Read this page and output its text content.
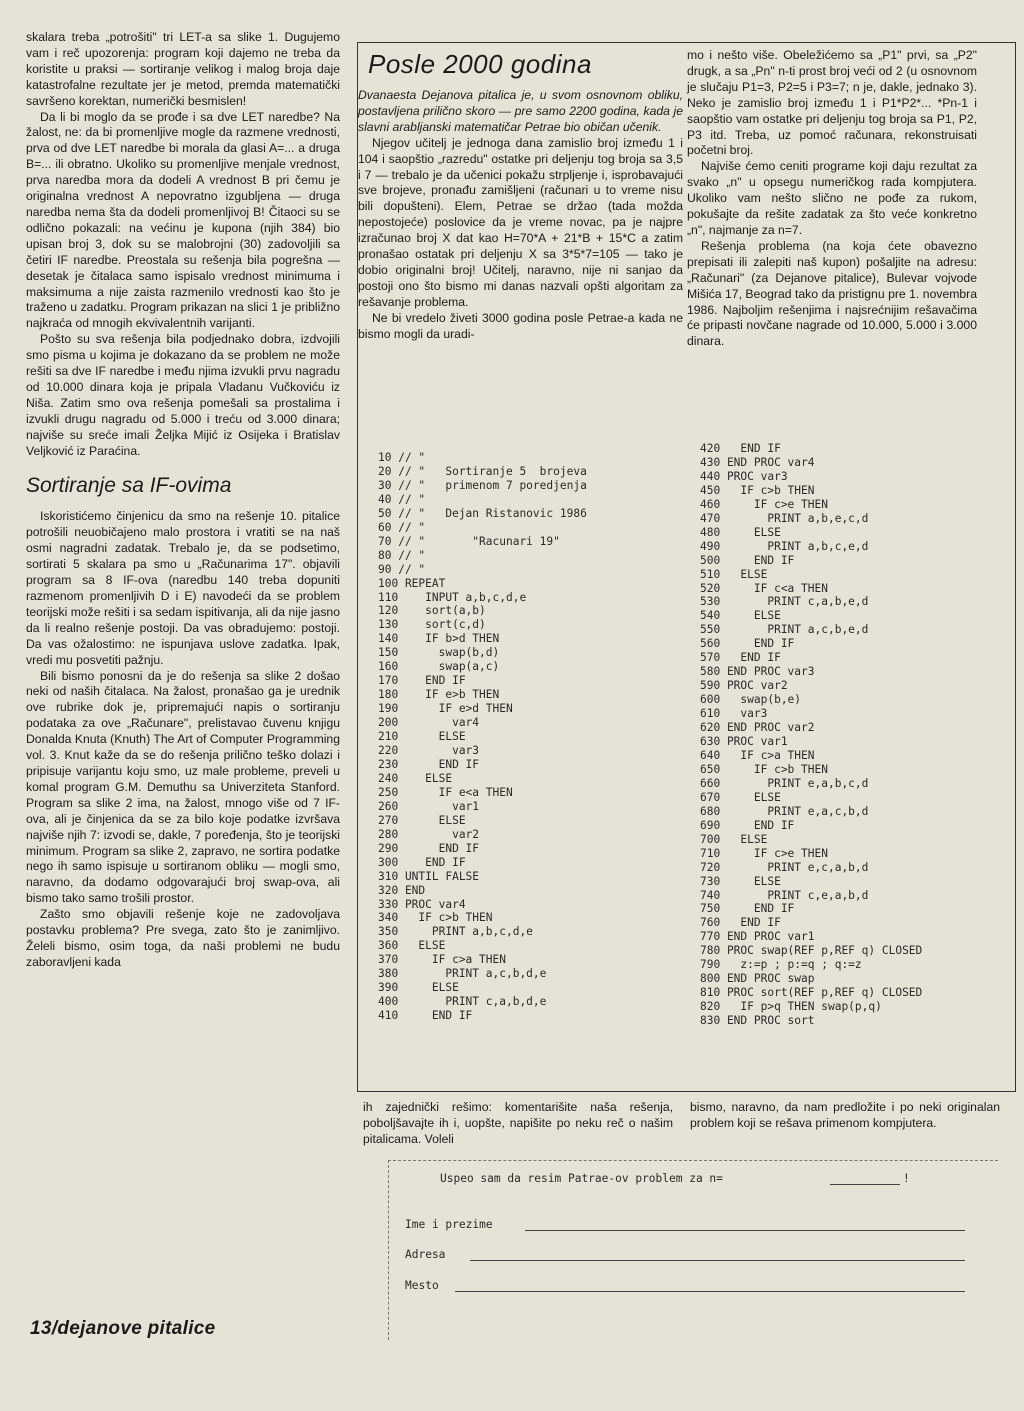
skalara treba „potrošiti" tri LET-a sa slike 1. Dugujemo vam i reč upozorenja: program koji dajemo ne treba da koristite u praksi — sortiranje velikog i malog broja daje katastrofalne rezultate jer je metod, premda matematički savršeno korektan, numerički besmislen!

Da li bi moglo da se prođe i sa dve LET naredbe? Na žalost, ne: da bi promenljive mogle da razmene vrednosti, prva od dve LET naredbe bi morala da glasi A=... a druga B=... ili obratno. Ukoliko su promenljive menjale vrednost, prva naredba mora da dodeli A vrednost B pri čemu je originalna vrednost A nepovratno izgubljena — druga naredba nema šta da dodeli promenljivoj B! Čitaoci su se odlično pokazali: na većinu je kupona (njih 384) bio upisan broj 3, dok su se malobrojni (30) zadovoljili sa četiri IF naredbe. Preostala su rešenja bila pogrešna — desetak je čitalaca samo ispisalo vrednost minimuma i maksimuma a nije zaista razmenilo vrednosti kao što je traženo u zadatku. Program prikazan na slici 1 je približno najkraća od mnogih ekvivalentnih varijanti.

Pošto su sva rešenja bila podjednako dobra, izdvojili smo pisma u kojima je dokazano da se problem ne može rešiti sa dve IF naredbe i među njima izvukli prvu nagradu od 10.000 dinara koja je pripala Vladanu Vučkoviću iz Niša. Zatim smo ova rešenja pomešali sa prostalima i izvukli drugu nagradu od 5.000 i treću od 3.000 dinara; najviše su sreće imali Željka Mijić iz Osijeka i Bratislav Veljković iz Paraćina.

Sortiranje sa IF-ovima

Iskoristićemo činjenicu da smo na rešenje 10. pitalice potrošili neuobičajeno malo prostora i vratiti se na naš osmi nagradni zadatak. Trebalo je, da se podsetimo, sortirati 5 skalara pa smo u „Računarima 17". objavili program sa 8 IF-ova (naredbu 140 treba dopuniti razmenom promenljivih D i E) navodeći da se problem teorijski može rešiti i sa sedam ispitivanja, ali da nije jasno da li realno rešenje postoji. Da vas obradujemo: postoji. Da vas ožalostimo: ne ispunjava uslove zadatka. Ipak, vredi mu posvetiti pažnju.

Bili bismo ponosni da je do rešenja sa slike 2 došao neki od naših čitalaca. Na žalost, pronašao ga je urednik ove rubrike dok je, pripremajući napis o sortiranju podataka za ove „Računare", prelistavao čuvenu knjigu Donalda Knuta (Knuth) The Art of Computer Programming vol. 3. Knut kaže da se do rešenja prilično teško dolazi i pripisuje varijantu koju smo, uz male probleme, preveli u komal program G.M. Demuthu sa Univerziteta Stanford. Program sa slike 2 ima, na žalost, mnogo više od 7 IF-ova, ali je činjenica da se za bilo koje podatke izvršava najviše njih 7: izvodi se, dakle, 7 poređenja, što je teorijski minimum. Program sa slike 2, zapravo, ne sortira podatke nego ih samo ispisuje u sortiranom obliku — mogli smo, naravno, da dodamo odgovarajući broj swap-ova, ali bismo tako samo trošili prostor.

Zašto smo objavili rešenje koje ne zadovoljava postavku problema? Pre svega, zato što je zanimljivo. Želeli bismo, osim toga, da naši problemi ne budu zaboravljeni kada

Posle 2000 godina

Dvanaesta Dejanova pitalica je, u svom osnovnom obliku, postavljena prilično skoro — pre samo 2200 godina, kada je slavni arabljanski matematičar Petrae bio običan učenik.

Njegov učitelj je jednoga dana zamislio broj između 1 i 104 i saopštio „razredu" ostatke pri deljenju tog broja sa 3,5 i 7 — trebalo je da učenici pokažu strpljenje i, isprobavajući sve brojeve, pronađu zamišljeni (računari u to vreme nisu bili dopušteni). Elem, Petrae se držao (tada možda nepostojeće) poslovice da je vreme novac, pa je najpre izračunao broj X dat kao H=70*A + 21*B + 15*C a zatim pronašao ostatak pri deljenju X sa 3*5*7=105 — tako je dobio originalni broj! Učitelj, naravno, nije ni sanjao da postoji ono što bismo mi danas nazvali opšti algoritam za rešavanje problema.

Ne bi vredelo živeti 3000 godina posle Petrae-a kada ne bismo mogli da uradi-

mo i nešto više. Obeležićemo sa „P1" prvi, sa „P2" drugk, a sa „Pn" n-ti prost broj veći od 2 (u osnovnom je slučaju P1=3, P2=5 i P3=7; n je, dakle, jednako 3). Neko je zamislio broj između 1 i P1*P2*... *Pn-1 i saopštio vam ostatke pri deljenju tog broja sa P1, P2, P3 itd. Treba, uz pomoć računara, rekonstruisati početni broj.

Najviše ćemo ceniti programe koji daju rezultat za svako „n" u opsegu numeričkog rada kompjutera. Ukoliko vam nešto slično ne pođe za rukom, pokušajte da rešite zadatak za što veće konkretno „n", najmanje za n=7.

Rešenja problema (na koja ćete obavezno prepisati ili zalepiti naš kupon) pošaljite na adresu: „Računari" (za Dejanove pitalice), Bulevar vojvode Mišića 17, Beograd tako da pristignu pre 1. novembra 1986. Najboljim rešenjima i najsrećnijim rešavačima će pripasti novčane nagrade od 10.000, 5.000 i 3.000 dinara.

10 // "
20 // "   Sortiranje 5  brojeva
30 // "   primenom 7 poredjenja
40 // "
50 // "   Dejan Ristanovic 1986
60 // "
70 // "       "Racunari 19"
80 // "
90 // "
100 REPEAT
110    INPUT a,b,c,d,e
120    sort(a,b)
130    sort(c,d)
140    IF b>d THEN
150      swap(b,d)
160      swap(a,c)
170    END IF
180    IF e>b THEN
190      IF e>d THEN
200        var4
210      ELSE
220        var3
230      END IF
240    ELSE
250      IF e<a THEN
260        var1
270      ELSE
280        var2
290      END IF
300    END IF
310 UNTIL FALSE
320 END
330 PROC var4
340   IF c>b THEN
350     PRINT a,b,c,d,e
360   ELSE
370     IF c>a THEN
380       PRINT a,c,b,d,e
390     ELSE
400       PRINT c,a,b,d,e
410     END IF
420   END IF
430 END PROC var4
440 PROC var3
450   IF c>b THEN
460     IF c>e THEN
470       PRINT a,b,e,c,d
480     ELSE
490       PRINT a,b,c,e,d
500     END IF
510   ELSE
520     IF c<a THEN
530       PRINT c,a,b,e,d
540     ELSE
550       PRINT a,c,b,e,d
560     END IF
570   END IF
580 END PROC var3
590 PROC var2
600   swap(b,e)
610   var3
620 END PROC var2
630 PROC var1
640   IF c>a THEN
650     IF c>b THEN
660       PRINT e,a,b,c,d
670     ELSE
680       PRINT e,a,c,b,d
690     END IF
700   ELSE
710     IF c>e THEN
720       PRINT e,c,a,b,d
730     ELSE
740       PRINT c,e,a,b,d
750     END IF
760   END IF
770 END PROC var1
780 PROC swap(REF p,REF q) CLOSED
790   z:=p ; p:=q ; q:=z
800 END PROC swap
810 PROC sort(REF p,REF q) CLOSED
820   IF p>q THEN swap(p,q)
830 END PROC sort
ih zajednički rešimo: komentarišite naša rešenja, poboljšavajte ih i, uopšte, napišite po neku reč o našim pitalicama. Voleli
bismo, naravno, da nam predložite i po neki originalan problem koji se rešava primenom kompjutera.
Uspeo sam da resim Patrae-ov problem za n=	!
Ime i prezime
Adresa
Mesto
13/dejanove pitalice
